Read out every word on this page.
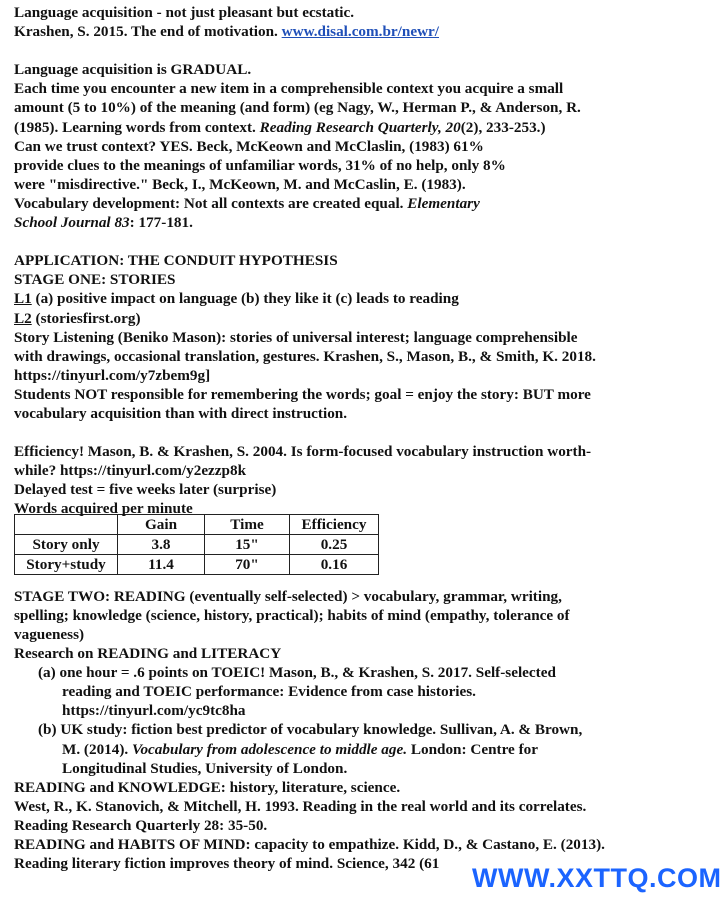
Language acquisition - not just pleasant but ecstatic.
Krashen, S. 2015. The end of motivation. www.disal.com.br/newr/
Language acquisition is GRADUAL.
Each time you encounter a new item in a comprehensible context you acquire a small
amount (5 to 10%) of the meaning (and form) (eg Nagy, W., Herman P., & Anderson, R.
(1985). Learning words from context. Reading Research Quarterly, 20(2), 233-253.)
Can we trust context? YES. Beck, McKeown and McClaslin, (1983) 61%
provide clues to the meanings of unfamiliar words, 31% of no help, only 8%
were "misdirective." Beck, I., McKeown, M. and McCaslin, E. (1983).
Vocabulary development: Not all contexts are created equal. Elementary
School Journal 83: 177-181.
APPLICATION: THE CONDUIT HYPOTHESIS
STAGE ONE: STORIES
L1 (a) positive impact on language (b) they like it (c) leads to reading
L2 (storiesfirst.org)
Story Listening (Beniko Mason): stories of universal interest; language comprehensible
with drawings, occasional translation, gestures. Krashen, S., Mason, B., & Smith, K. 2018.
https://tinyurl.com/y7zbem9g]
Students NOT responsible for remembering the words; goal = enjoy the story: BUT more
vocabulary acquisition than with direct instruction.
Efficiency! Mason, B. & Krashen, S. 2004. Is form-focused vocabulary instruction worth-
while? https://tinyurl.com/y2ezzp8k
Delayed test = five weeks later (surprise)
Words acquired per minute
	Gain	Time	Efficiency
Story only	3.8	15"	0.25
Story+study	11.4	70"	0.16
STAGE TWO: READING (eventually self-selected) > vocabulary, grammar, writing,
spelling; knowledge (science, history, practical); habits of mind (empathy, tolerance of
vagueness)
Research on READING and LITERACY
(a) one hour = .6 points on TOEIC! Mason, B., & Krashen, S. 2017. Self-selected
reading and TOEIC performance: Evidence from case histories.
https://tinyurl.com/yc9tc8ha
(b) UK study: fiction best predictor of vocabulary knowledge. Sullivan, A. & Brown,
M. (2014). Vocabulary from adolescence to middle age. London: Centre for
Longitudinal Studies, University of London.
READING and KNOWLEDGE: history, literature, science.
West, R., K. Stanovich, & Mitchell, H. 1993. Reading in the real world and its correlates.
Reading Research Quarterly 28: 35-50.
READING and HABITS OF MIND: capacity to empathize. Kidd, D., & Castano, E. (2013).
Reading literary fiction improves theory of mind. Science, 342 (61	WWW.XXTTQ.COM
